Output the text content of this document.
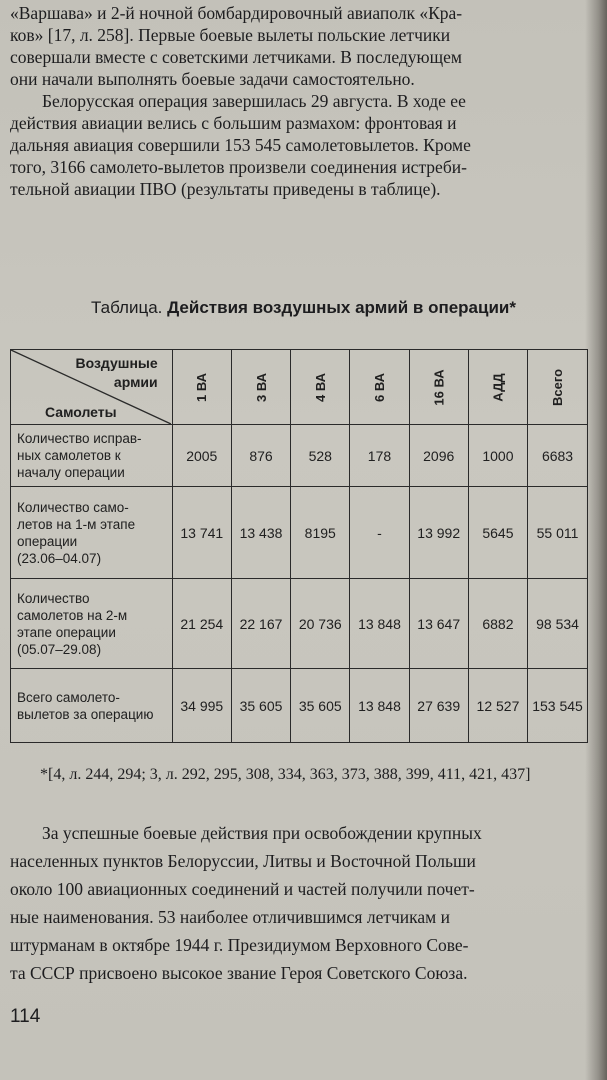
«Варшава» и 2-й ночной бомбардировочный авиаполк «Кра-
ков» [17, л. 258]. Первые боевые вылеты польские летчики
совершали вместе с советскими летчиками. В последующем
они начали выполнять боевые задачи самостоятельно.
Белорусская операция завершилась 29 августа. В ходе ее
действия авиации велись с большим размахом: фронтовая и
дальняя авиация совершили 153 545 самолетовылетов. Кроме
того, 3166 самолето-вылетов произвели соединения истреби-
тельной авиации ПВО (результаты приведены в таблице).
Таблица. Действия воздушных армий в операции*
Воздушные
армии
Самолеты	1 ВА	3 ВА	4 ВА	6 ВА	16 ВА	АДД	Всего

Количество исправ-
ных самолетов к
началу операции	2005	876	528	178	2096	1000	6683

Количество само-
летов на 1-м этапе
операции
(23.06–04.07)	13 741	13 438	8195	-	13 992	5645	55 011

Количество
самолетов на 2-м
этапе операции
(05.07–29.08)	21 254	22 167	20 736	13 848	13 647	6882	98 534

Всего самолето-
вылетов за операцию	34 995	35 605	35 605	13 848	27 639	12 527	153 545
*[4, л. 244, 294; 3, л. 292, 295, 308, 334, 363, 373, 388, 399, 411, 421, 437]
За успешные боевые действия при освобождении крупных
населенных пунктов Белоруссии, Литвы и Восточной Польши
около 100 авиационных соединений и частей получили почет-
ные наименования. 53 наиболее отличившимся летчикам и
штурманам в октябре 1944 г. Президиумом Верховного Сове-
та СССР присвоено высокое звание Героя Советского Союза.
114
